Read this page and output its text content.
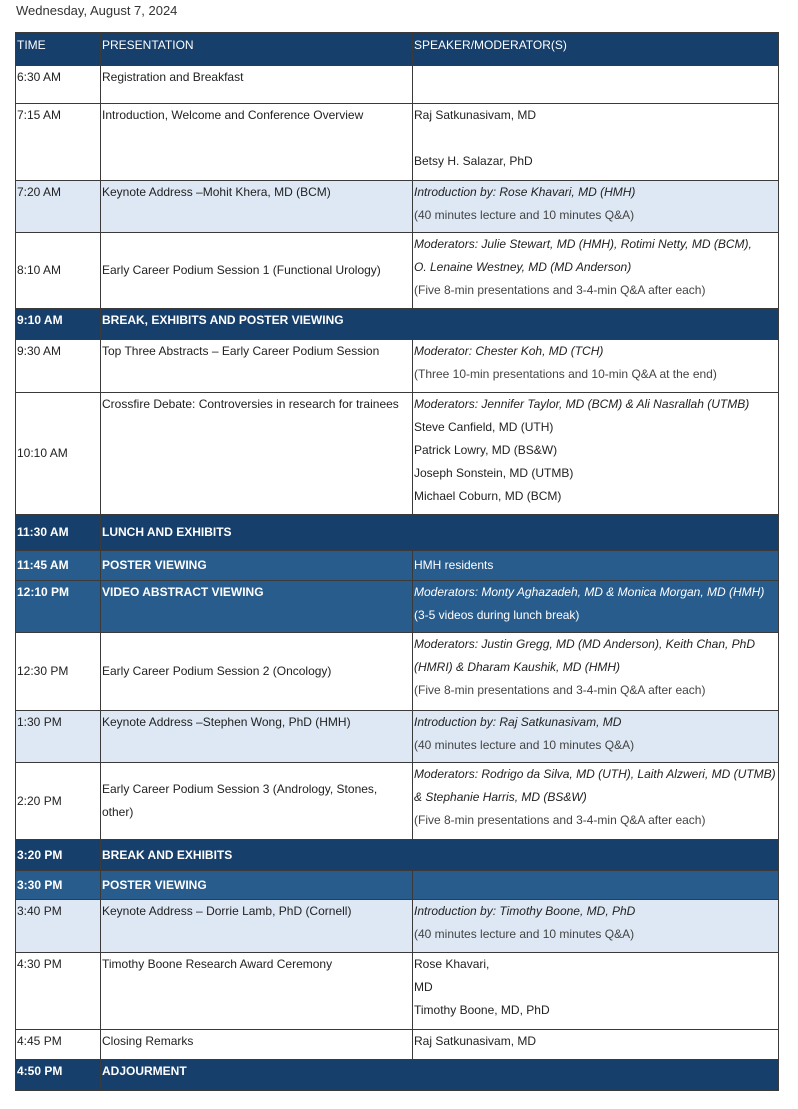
Wednesday, August 7, 2024
TIME	PRESENTATION	SPEAKER/MODERATOR(S)

6:30 AM	Registration and Breakfast	

7:15 AM	Introduction, Welcome and Conference Overview	Raj Satkunasivam, MD
Betsy H. Salazar, PhD

7:20 AM	Keynote Address –Mohit Khera, MD (BCM)	Introduction by: Rose Khavari, MD (HMH)
(40 minutes lecture and 10 minutes Q&A)

8:10 AM	Early Career Podium Session 1 (Functional Urology)	Moderators: Julie Stewart, MD (HMH), Rotimi Netty, MD (BCM),
O. Lenaine Westney, MD (MD Anderson)
(Five 8-min presentations and 3-4-min Q&A after each)

9:10 AM	BREAK, EXHIBITS AND POSTER VIEWING	

9:30 AM	Top Three Abstracts – Early Career Podium Session	Moderator: Chester Koh, MD (TCH)
(Three 10-min presentations and 10-min Q&A at the end)

10:10 AM	Crossfire Debate: Controversies in research for trainees	Moderators: Jennifer Taylor, MD (BCM) & Ali Nasrallah (UTMB)
Steve Canfield, MD (UTH)
Patrick Lowry, MD (BS&W)
Joseph Sonstein, MD (UTMB)
Michael Coburn, MD (BCM)

11:30 AM	LUNCH AND EXHIBITS	

11:45 AM	POSTER VIEWING	HMH residents

12:10 PM	VIDEO ABSTRACT VIEWING	Moderators: Monty Aghazadeh, MD & Monica Morgan, MD (HMH)
(3-5 videos during lunch break)

12:30 PM	Early Career Podium Session 2 (Oncology)	Moderators: Justin Gregg, MD (MD Anderson), Keith Chan, PhD
(HMRI) & Dharam Kaushik, MD (HMH)
(Five 8-min presentations and 3-4-min Q&A after each)

1:30 PM	Keynote Address –Stephen Wong, PhD (HMH)	Introduction by: Raj Satkunasivam, MD
(40 minutes lecture and 10 minutes Q&A)

2:20 PM	Early Career Podium Session 3 (Andrology, Stones,
other)	Moderators: Rodrigo da Silva, MD (UTH), Laith Alzweri, MD (UTMB)
& Stephanie Harris, MD (BS&W)
(Five 8-min presentations and 3-4-min Q&A after each)

3:20 PM	BREAK AND EXHIBITS	

3:30 PM	POSTER VIEWING	

3:40 PM	Keynote Address – Dorrie Lamb, PhD (Cornell)	Introduction by: Timothy Boone, MD, PhD
(40 minutes lecture and 10 minutes Q&A)

4:30 PM	Timothy Boone Research Award Ceremony	Rose Khavari,
MD
Timothy Boone, MD, PhD

4:45 PM	Closing Remarks	Raj Satkunasivam, MD

4:50 PM	ADJOURMENT	
